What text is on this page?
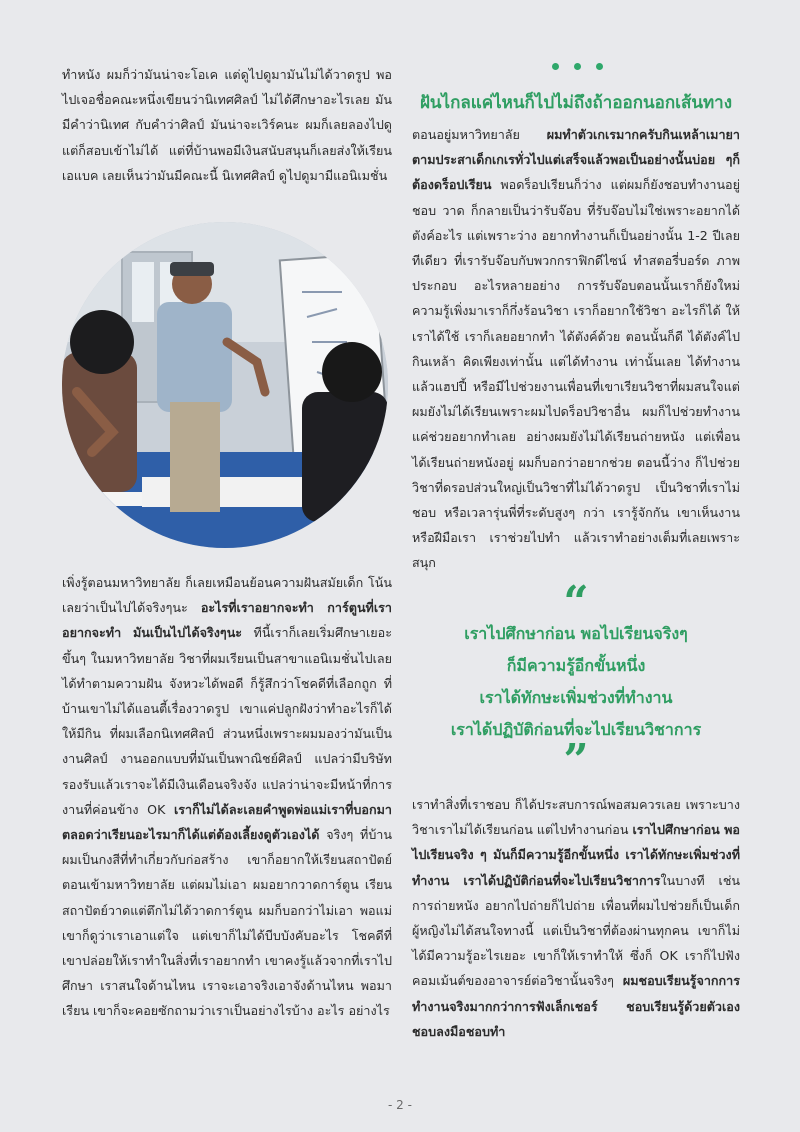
ทำหนัง ผมก็ว่ามันน่าจะโอเค แต่ดูไปดูมามันไม่ได้วาดรูป พอไปเจอชื่อคณะหนึ่งเขียนว่านิเทศศิลป์ ไม่ได้ศึกษาอะไรเลย มันมีคำว่านิเทศ กับคำว่าศิลป์ มันน่าจะเวิร์คนะ ผมก็เลยลองไปดู แต่ก็สอบเข้าไม่ได้ แต่ที่บ้านพอมีเงินสนับสนุนก็เลยส่งให้เรียนเอแบค เลยเห็นว่ามันมีคณะนี้ นิเทศศิลป์ ดูไปดูมามีแอนิเมชั่น

เพิ่งรู้ตอนมหาวิทยาลัย ก็เลยเหมือนย้อนความฝันสมัยเด็ก โน้นเลยว่าเป็นไปได้จริงๆนะ อะไรที่เราอยากจะทำ การ์ตูนที่เราอยากจะทำ มันเป็นไปได้จริงๆนะ ทีนี้เราก็เลยเริ่มศึกษาเยอะขึ้นๆ ในมหาวิทยาลัย วิชาที่ผมเรียนเป็นสาขาแอนิเมชั่นไปเลย ได้ทำตามความฝัน จังหวะได้พอดี ก็รู้สึกว่าโชคดีที่เลือกถูก ที่บ้านเขาไม่ได้แอนตี้เรื่องวาดรูป เขาแค่ปลูกฝังว่าทำอะไรก็ได้ให้มีกิน ที่ผมเลือกนิเทศศิลป์ ส่วนหนึ่งเพราะผมมองว่ามันเป็นงานศิลป์ งานออกแบบที่มันเป็นพาณิชย์ศิลป์ แปลว่ามีบริษัทรองรับแล้วเราจะได้มีเงินเดือนจริงจัง แปลว่าน่าจะมีหน้าที่การงานที่ค่อนข้าง OK เราก็ไม่ได้ละเลยคำพูดพ่อแม่เราที่บอกมาตลอดว่าเรียนอะไรมาก็ได้แต่ต้องเลี้ยงดูตัวเองได้ จริงๆ ที่บ้านผมเป็นกงสีที่ทำเกี่ยวกับก่อสร้าง เขาก็อยากให้เรียนสถาปัตย์ ตอนเข้ามหาวิทยาลัย แต่ผมไม่เอา ผมอยากวาดการ์ตูน เรียนสถาปัตย์วาดแต่ตึกไม่ได้วาดการ์ตูน ผมก็บอกว่าไม่เอา พอแม่เขาก็ดูว่าเราเอาแต่ใจ แต่เขาก็ไม่ได้บีบบังคับอะไร โชคดีที่เขาปล่อยให้เราทำในสิ่งที่เราอยากทำ เขาคงรู้แล้วจากที่เราไปศึกษา เราสนใจด้านไหน เราจะเอาจริงเอาจังด้านไหน พอมาเรียน เขาก็จะคอยซักถามว่าเราเป็นอย่างไรบ้าง อะไร อย่างไร

ฝันไกลแค่ไหนก็ไปไม่ถึงถ้าออกนอกเส้นทาง

ตอนอยู่มหาวิทยาลัย ผมทำตัวเกเรมากครับกินเหล้าเมายาตามประสาเด็กเกเรทั่วไปแต่เสร็จแล้วพอเป็นอย่างนั้นบ่อย ๆก็ต้องดร็อปเรียน พอดร็อปเรียนก็ว่าง แต่ผมก็ยังชอบทำงานอยู่ ชอบ วาด ก็กลายเป็นว่ารับจ๊อบ ที่รับจ๊อบไม่ใช่เพราะอยากได้ตังค์อะไร แต่เพราะว่าง อยากทำงานก็เป็นอย่างนั้น 1-2 ปีเลยทีเดียว ที่เรารับจ๊อบกับพวกกราฟิกดีไซน์ ทำสตอรี่บอร์ด ภาพประกอบ อะไรหลายอย่าง การรับจ๊อบตอนนั้นเราก็ยังใหม่ ความรู้เพิ่งมาเราก็กึ่งร้อนวิชา เราก็อยากใช้วิชา อะไรก็ได้ ให้เราได้ใช้ เราก็เลยอยากทำ ได้ตังค์ด้วย ตอนนั้นก็ดี ได้ตังค์ไปกินเหล้า คิดเพียงเท่านั้น แต่ได้ทำงาน เท่านั้นเลย ได้ทำงานแล้วแฮปปี้ หรือมีไปช่วยงานเพื่อนที่เขาเรียนวิชาที่ผมสนใจแต่ผมยังไม่ได้เรียนเพราะผมไปดร็อปวิชาอื่น ผมก็ไปช่วยทำงาน แค่ช่วยอยากทำเลย อย่างผมยังไม่ได้เรียนถ่ายหนัง แต่เพื่อนได้เรียนถ่ายหนังอยู่ ผมก็บอกว่าอยากช่วย ตอนนี้ว่าง ก็ไปช่วย วิชาที่ดรอปส่วนใหญ่เป็นวิชาที่ไม่ได้วาดรูป เป็นวิชาที่เราไม่ชอบ หรือเวลารุ่นพี่ที่ระดับสูงๆ กว่า เรารู้จักกัน เขาเห็นงานหรือฝีมือเรา เราช่วยไปทำ แล้วเราทำอย่างเต็มที่เลยเพราะสนุก

“
เราไปศึกษาก่อน พอไปเรียนจริงๆ
ก็มีความรู้อีกขั้นหนึ่ง
เราได้ทักษะเพิ่มช่วงที่ทำงาน
เราได้ปฏิบัติก่อนที่จะไปเรียนวิชาการ
”

เราทำสิ่งที่เราชอบ ก็ได้ประสบการณ์พอสมควรเลย เพราะบางวิชาเราไม่ได้เรียนก่อน แต่ไปทำงานก่อน เราไปศึกษาก่อน พอไปเรียนจริง ๆ มันก็มีความรู้อีกขั้นหนึ่ง เราได้ทักษะเพิ่มช่วงที่ทำงาน เราได้ปฏิบัติก่อนที่จะไปเรียนวิชาการในบางที เช่น การถ่ายหนัง อยากไปถ่ายก็ไปถ่าย เพื่อนที่ผมไปช่วยก็เป็นเด็กผู้หญิงไม่ได้สนใจทางนี้ แต่เป็นวิชาที่ต้องผ่านทุกคน เขาก็ไม่ได้มีความรู้อะไรเยอะ เขาก็ให้เราทำให้ ซึ่งก็ OK เราก็ไปฟังคอมเม้นต์ของอาจารย์ต่อวิชานั้นจริงๆ ผมชอบเรียนรู้จากการทำงานจริงมากกว่าการฟังเล็กเชอร์ ชอบเรียนรู้ด้วยตัวเอง ชอบลงมือชอบทำ

- 2 -
